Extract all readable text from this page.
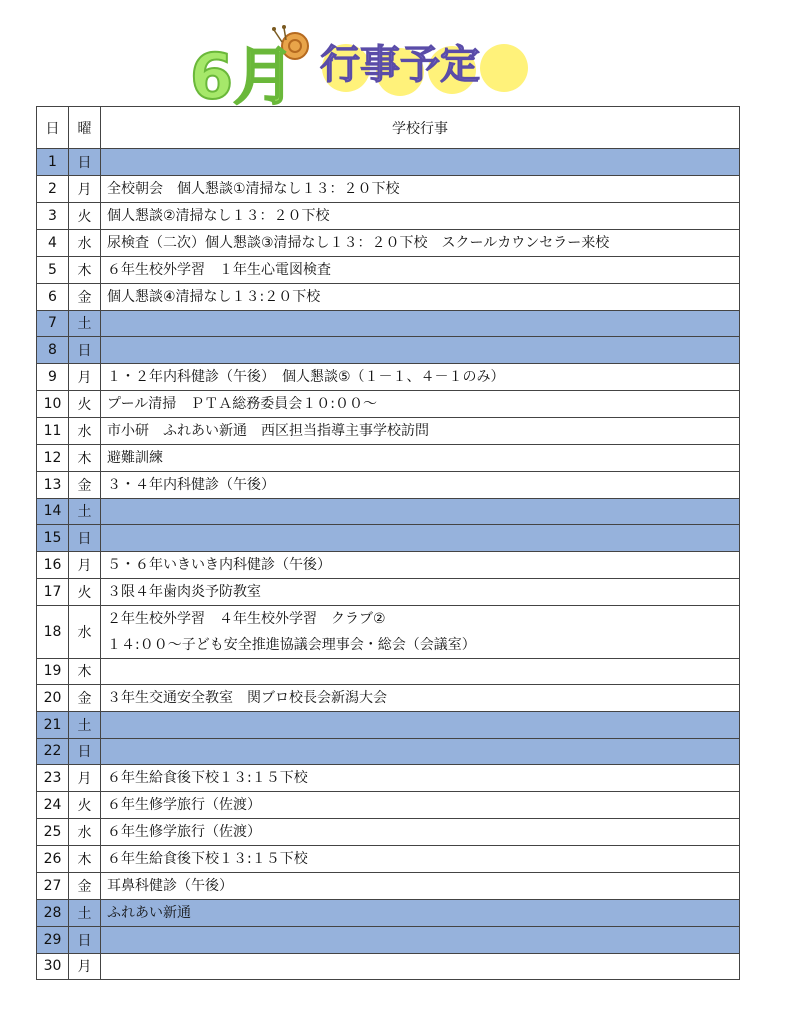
6月 行事予定
日	曜	学校行事
1	日	

2	月	全校朝会　個人懇談①清掃なし１３：２０下校

3	火	個人懇談②清掃なし１３：２０下校

4	水	尿検査（二次）個人懇談③清掃なし１３：２０下校　スクールカウンセラー来校

5	木	６年生校外学習　１年生心電図検査

6	金	個人懇談④清掃なし１３:２０下校

7	土	

8	日	

9	月	１・２年内科健診（午後）　個人懇談⑤（１－１、４－１のみ）

10	火	プール清掃　ＰＴＡ総務委員会１０:００～

11	水	市小研　ふれあい新通　西区担当指導主事学校訪問

12	木	避難訓練

13	金	３・４年内科健診（午後）

14	土	

15	日	

16	月	５・６年いきいき内科健診（午後）

17	火	３限４年歯肉炎予防教室

18	水	２年生校外学習　４年生校外学習　クラブ②
１４:００～子ども安全推進協議会理事会・総会（会議室）

19	木	

20	金	３年生交通安全教室　関ブロ校長会新潟大会

21	土	

22	日	

23	月	６年生給食後下校１３:１５下校

24	火	６年生修学旅行（佐渡）

25	水	６年生修学旅行（佐渡）

26	木	６年生給食後下校１３:１５下校

27	金	耳鼻科健診（午後）

28	土	ふれあい新通

29	日	

30	月	
